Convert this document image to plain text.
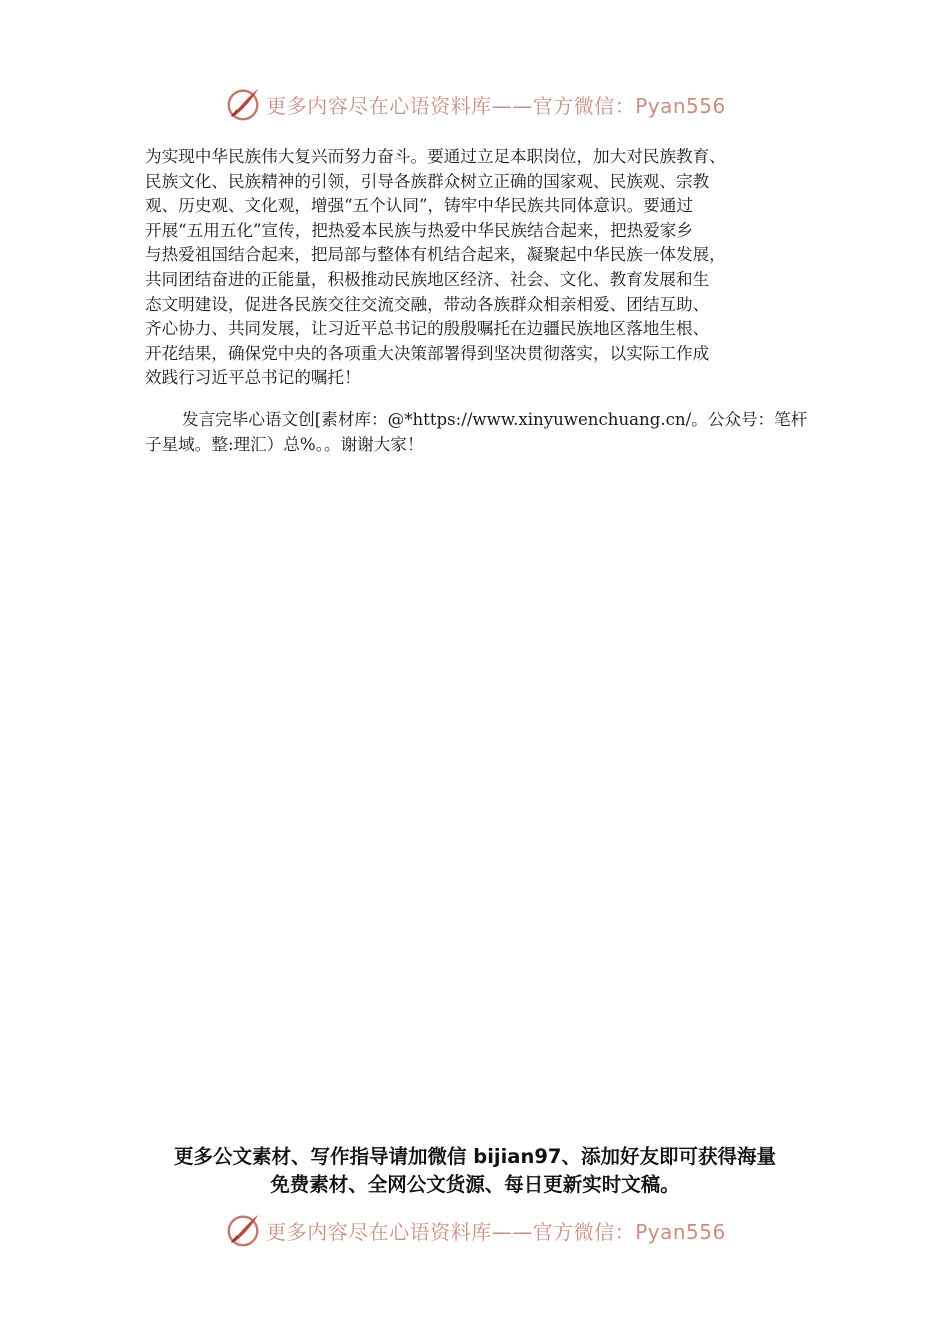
更多内容尽在心语资料库——官方微信：Pyan556

为实现中华民族伟大复兴而努力奋斗。要通过立足本职岗位，加大对民族教育、

民族文化、民族精神的引领，引导各族群众树立正确的国家观、民族观、宗教

观、历史观、文化观，增强“五个认同”，铸牢中华民族共同体意识。要通过

开展“五用五化”宣传，把热爱本民族与热爱中华民族结合起来，把热爱家乡

与热爱祖国结合起来，把局部与整体有机结合起来，凝聚起中华民族一体发展，

共同团结奋进的正能量，积极推动民族地区经济、社会、文化、教育发展和生

态文明建设，促进各民族交往交流交融，带动各族群众相亲相爱、团结互助、

齐心协力、共同发展，让习近平总书记的殷殷嘱托在边疆民族地区落地生根、

开花结果，确保党中央的各项重大决策部署得到坚决贯彻落实，以实际工作成

效践行习近平总书记的嘱托！

发言完毕心语文创[素材库：@*https://www.xinyuwenchuang.cn/。公众号：笔杆子星域。整:理汇）总%。。谢谢大家！
更多公文素材、写作指导请加微信 bijian97、添加好友即可获得海量
免费素材、全网公文货源、每日更新实时文稿。
更多内容尽在心语资料库——官方微信：Pyan556
